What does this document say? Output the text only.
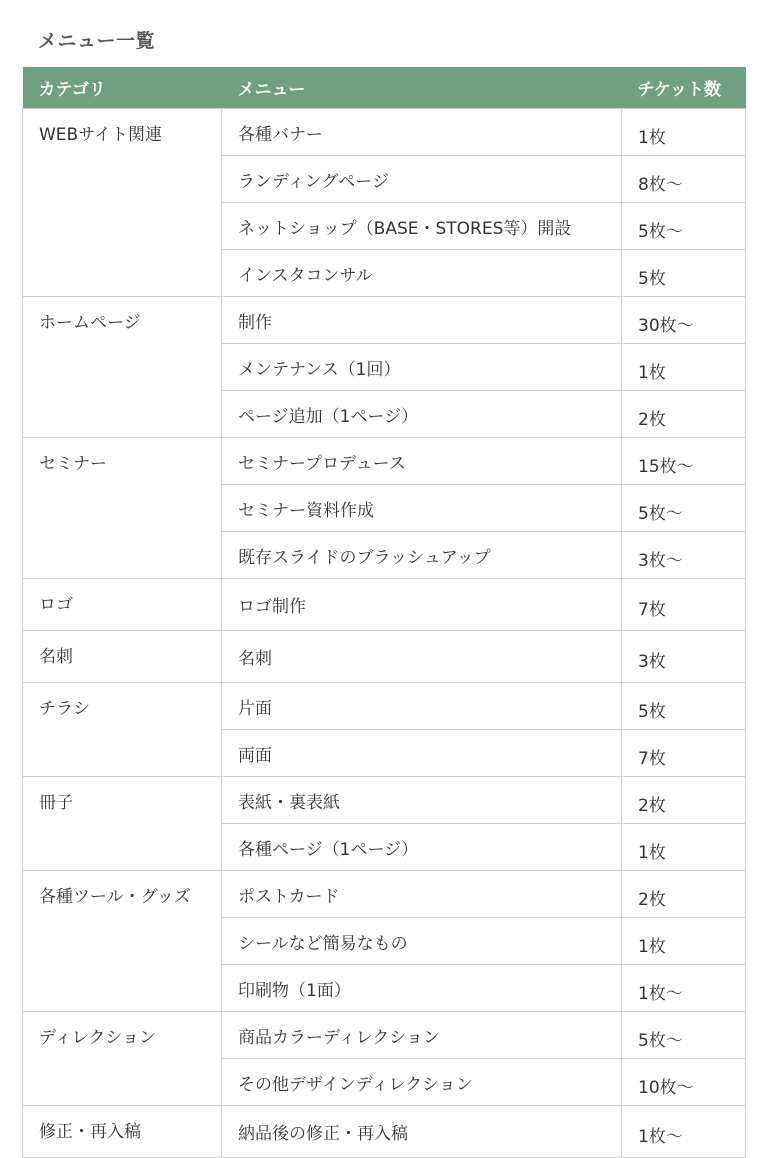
メニュー一覧
カテゴリ	メニュー	チケット数
WEBサイト関連	各種バナー	1枚
	ランディングページ	8枚〜
	ネットショップ（BASE・STORES等）開設	5枚〜
	インスタコンサル	5枚
ホームページ	制作	30枚〜
	メンテナンス（1回）	1枚
	ページ追加（1ページ）	2枚
セミナー	セミナープロデュース	15枚〜
	セミナー資料作成	5枚〜
	既存スライドのブラッシュアップ	3枚〜
ロゴ	ロゴ制作	7枚
名刺	名刺	3枚
チラシ	片面	5枚
	両面	7枚
冊子	表紙・裏表紙	2枚
	各種ページ（1ページ）	1枚
各種ツール・グッズ	ポストカード	2枚
	シールなど簡易なもの	1枚
	印刷物（1面）	1枚〜
ディレクション	商品カラーディレクション	5枚〜
	その他デザインディレクション	10枚〜
修正・再入稿	納品後の修正・再入稿	1枚〜
